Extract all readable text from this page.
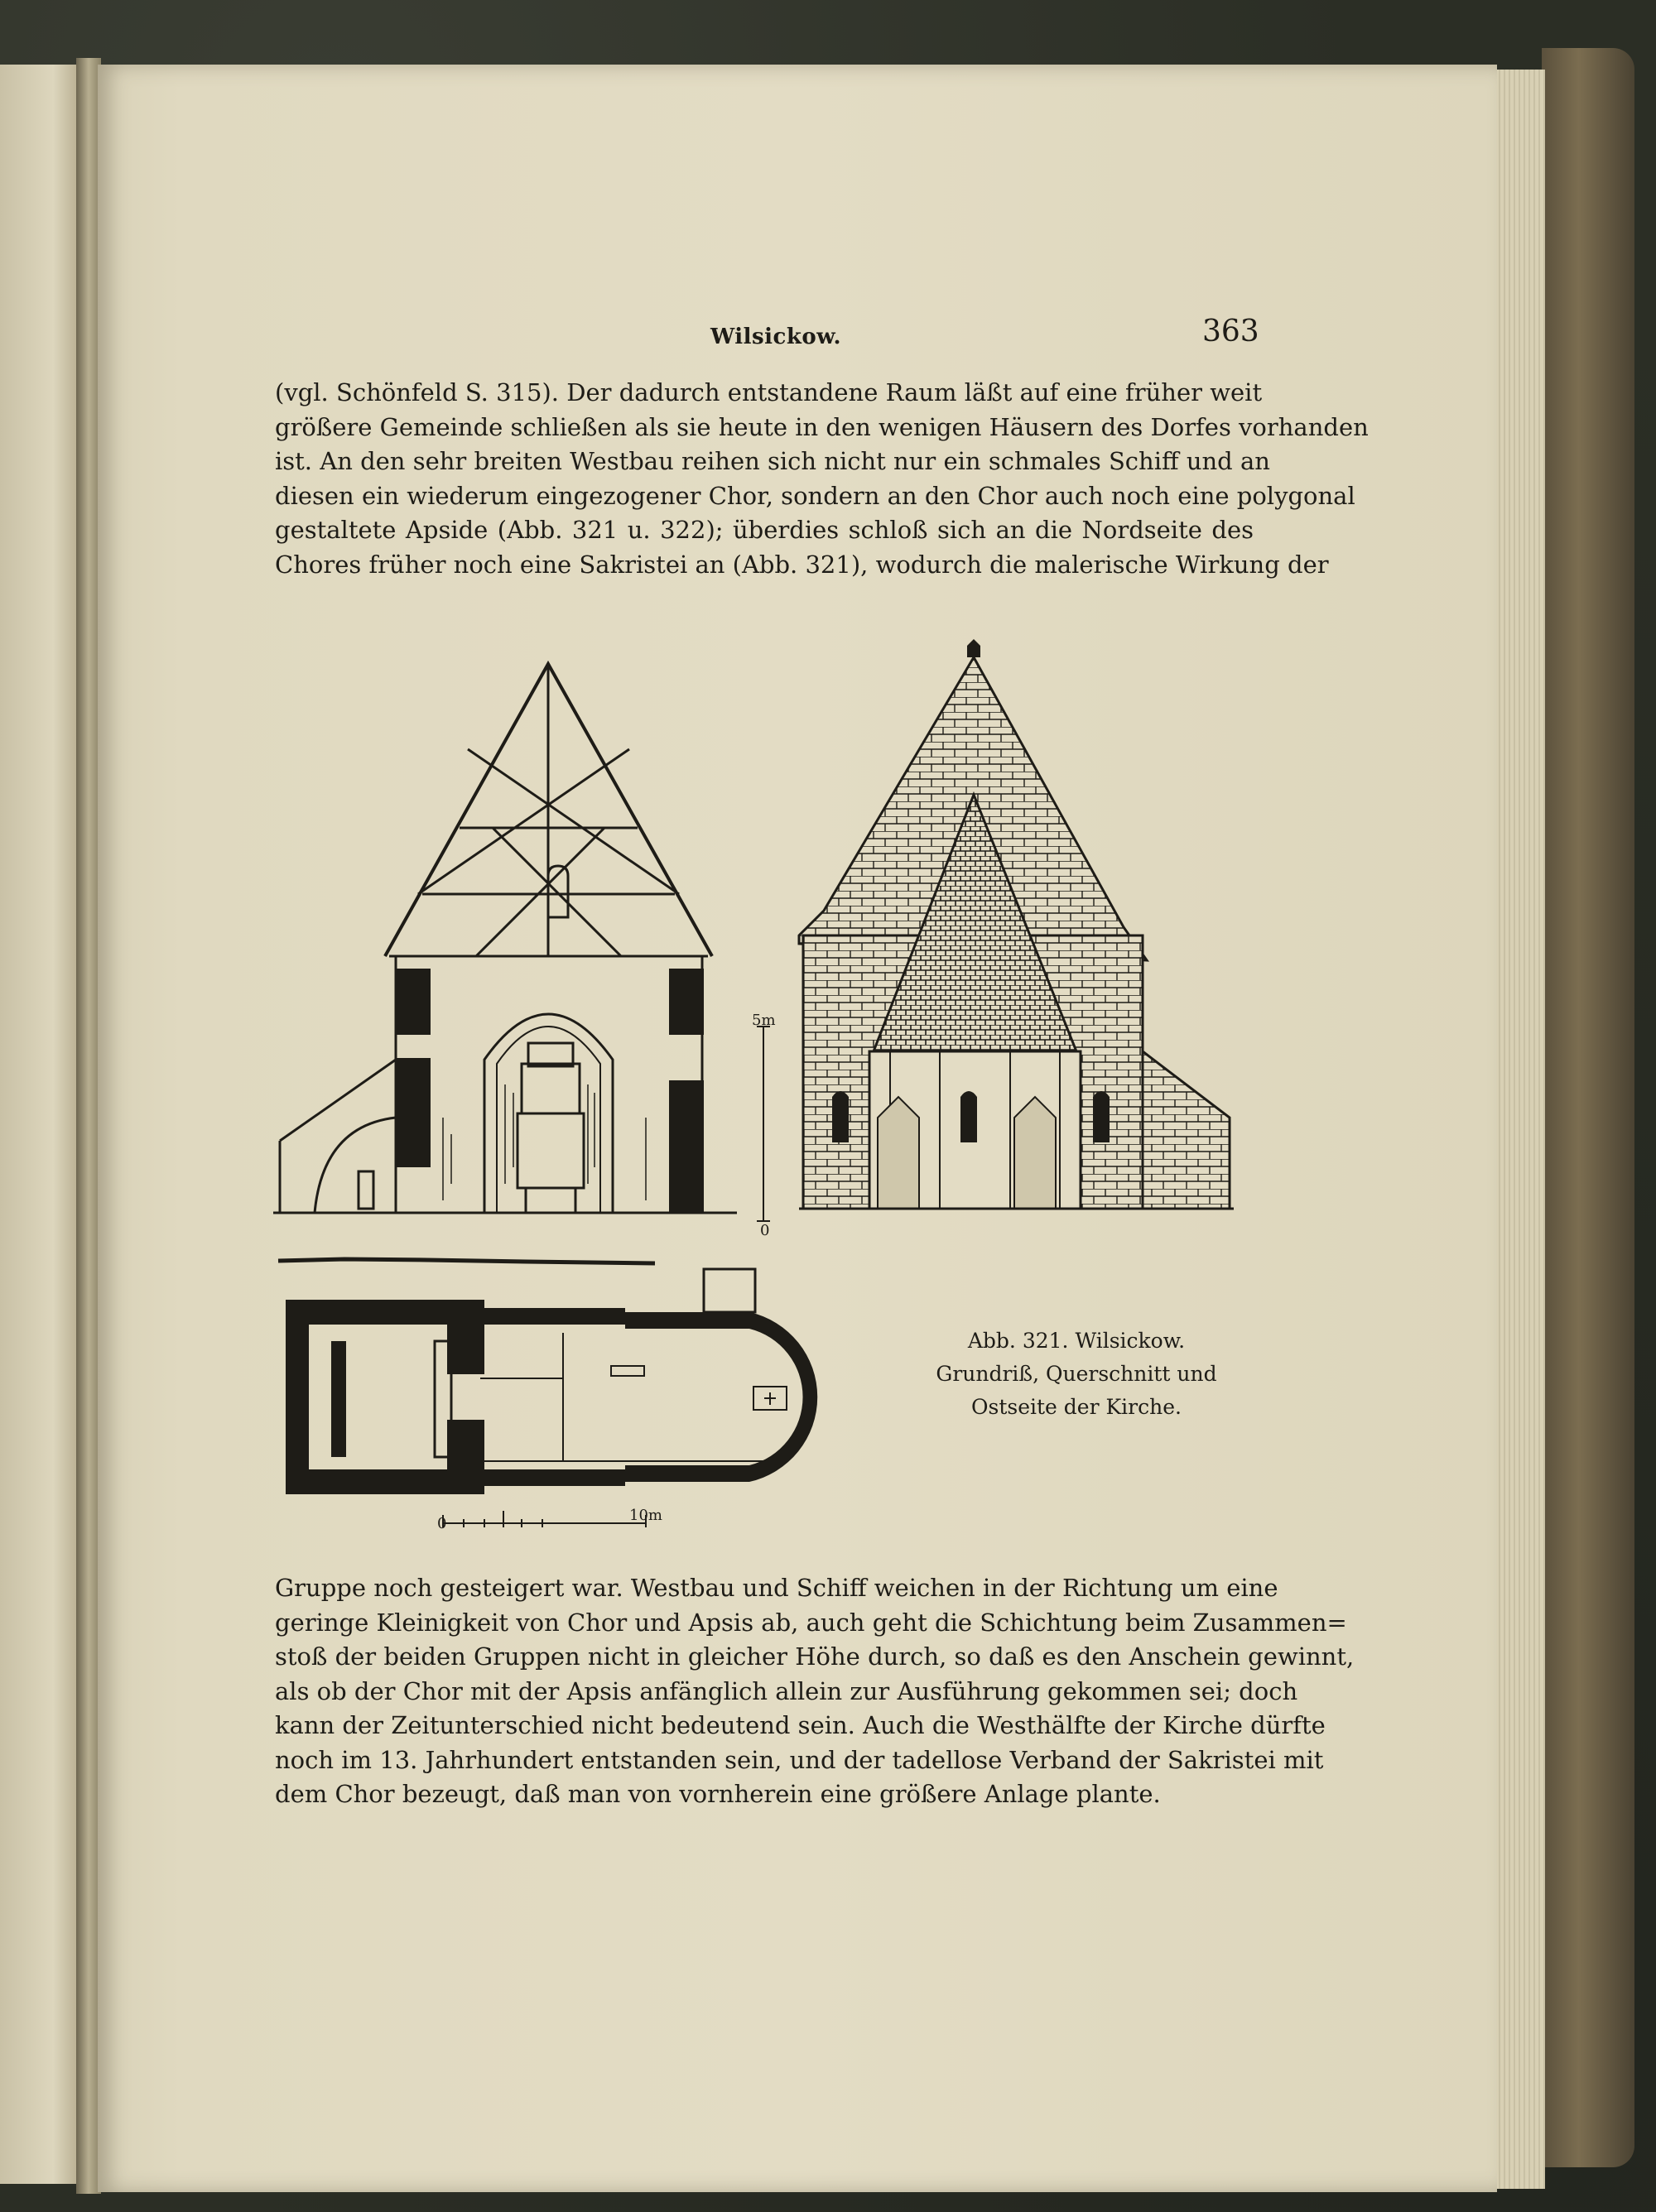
Wilsickow.	363
(vgl. Schönfeld S. 315). Der dadurch entstandene Raum läßt auf eine früher weit
größere Gemeinde schließen als sie heute in den wenigen Häusern des Dorfes vorhanden
ist. An den sehr breiten Westbau reihen sich nicht nur ein schmales Schiff und an
diesen ein wiederum eingezogener Chor, sondern an den Chor auch noch eine polygonal
gestaltete Apside (Abb. 321 u. 322); überdies schloß sich an die Nordseite des
Chores früher noch eine Sakristei an (Abb. 321), wodurch die malerische Wirkung der
5m
0
0	10m
Abb. 321. Wilsickow.
Grundriß, Querschnitt und
Ostseite der Kirche.
Gruppe noch gesteigert war. Westbau und Schiff weichen in der Richtung um eine
geringe Kleinigkeit von Chor und Apsis ab, auch geht die Schichtung beim Zusammen=
stoß der beiden Gruppen nicht in gleicher Höhe durch, so daß es den Anschein gewinnt,
als ob der Chor mit der Apsis anfänglich allein zur Ausführung gekommen sei; doch
kann der Zeitunterschied nicht bedeutend sein. Auch die Westhälfte der Kirche dürfte
noch im 13. Jahrhundert entstanden sein, und der tadellose Verband der Sakristei mit
dem Chor bezeugt, daß man von vornherein eine größere Anlage plante.
